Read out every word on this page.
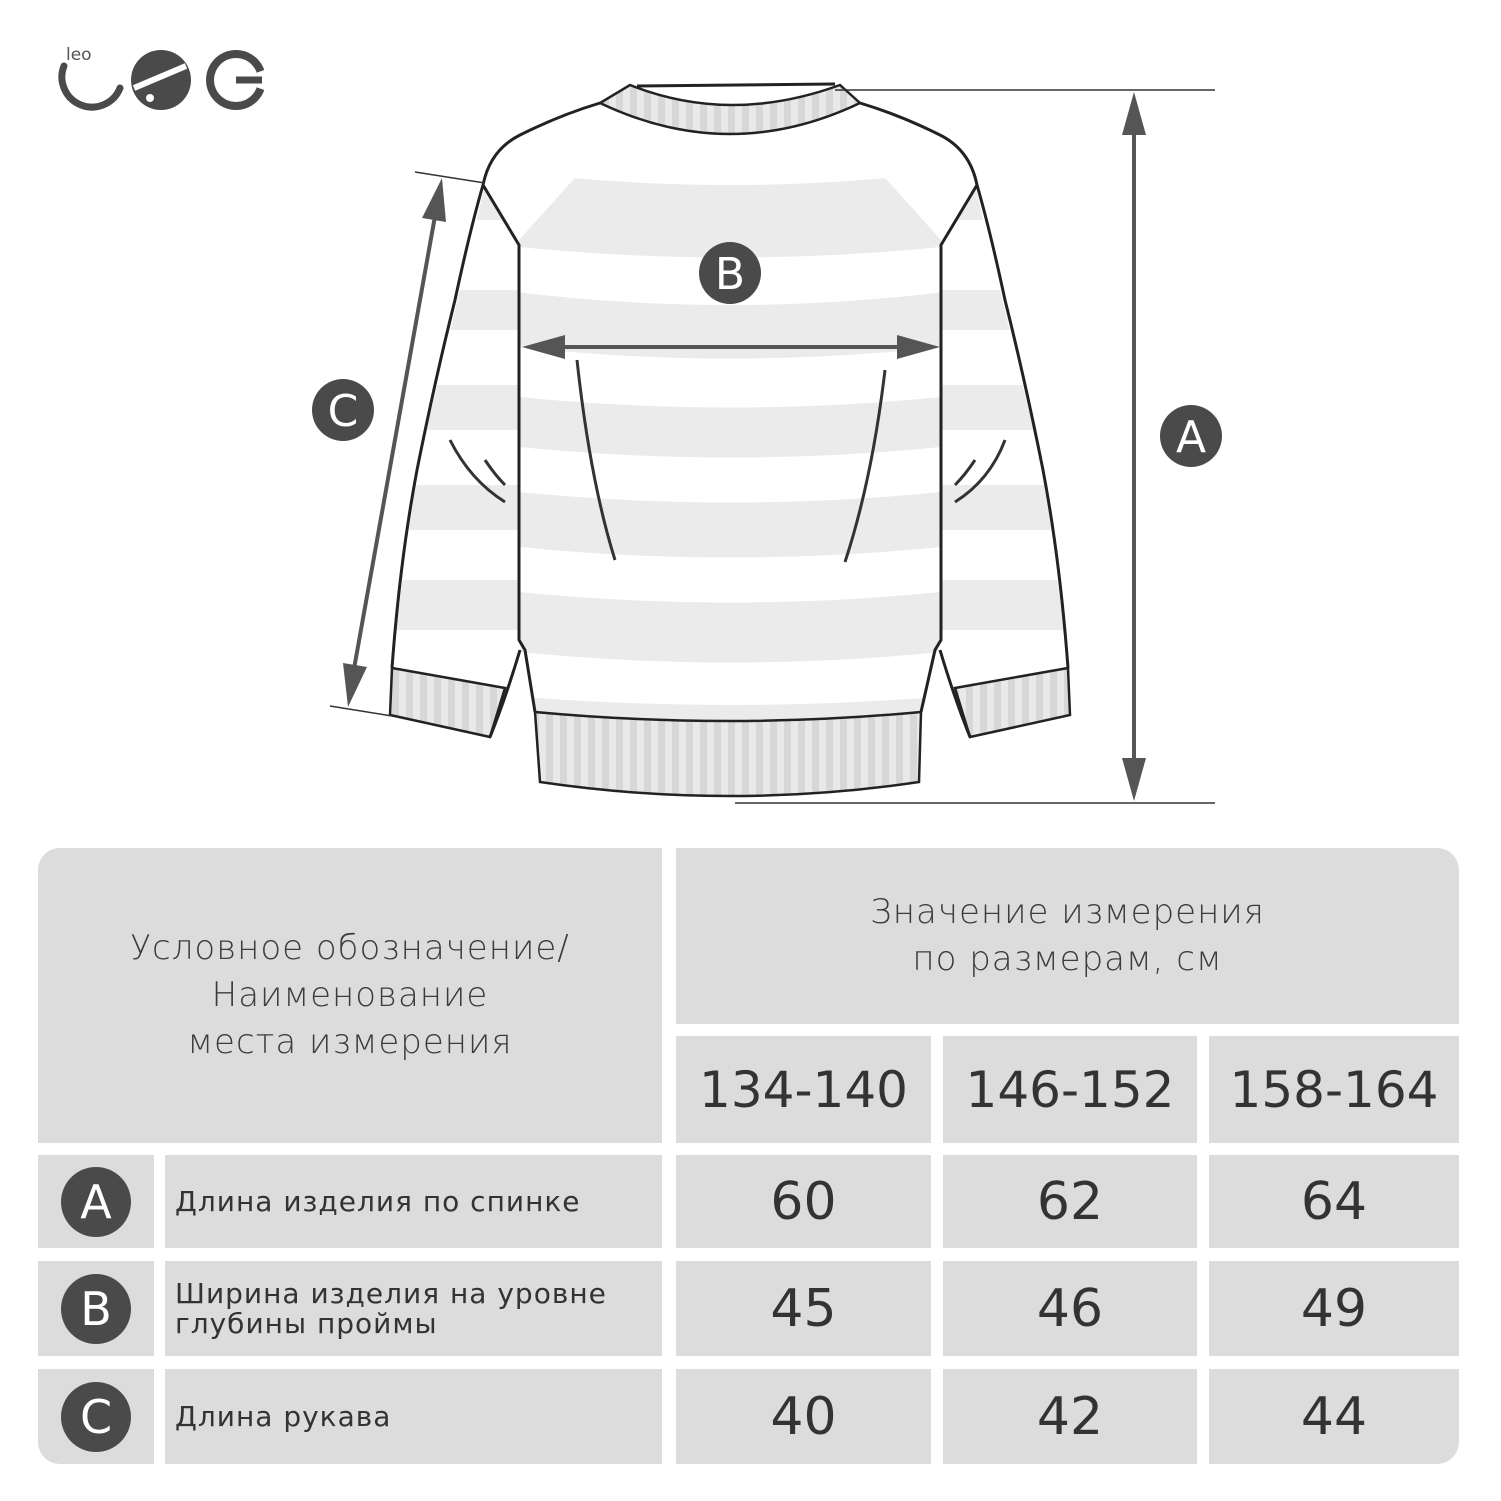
leo
A
B
C
Условное обозначение/
Наименование
места измерения
Значение измерения
по размерам, см
134-140	146-152	158-164
A	Длина изделия по спинке	60	62	64
B	Ширина изделия на уровне
глубины проймы	45	46	49
C	Длина рукава	40	42	44
